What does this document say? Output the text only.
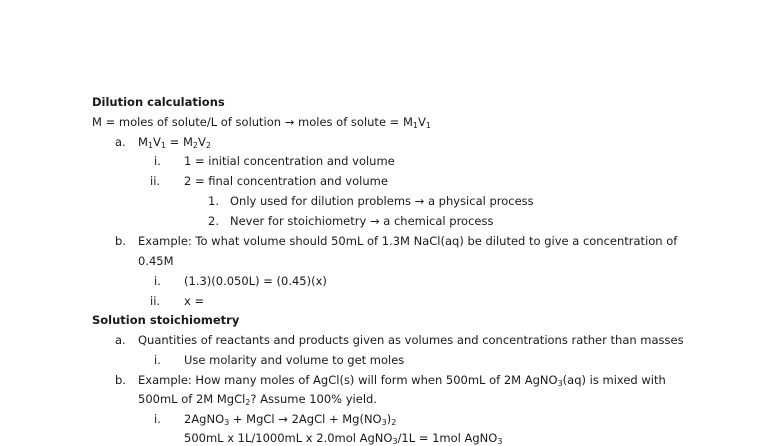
Dilution calculations
M = moles of solute/L of solution → moles of solute = $M_1V_1$
a. $M_1V_1 = M_2V_2$
i. 1 = initial concentration and volume
ii. 2 = final concentration and volume
1. Only used for dilution problems → a physical process
2. Never for stoichiometry → a chemical process
b. Example: To what volume should 50mL of 1.3M NaCl(aq) be diluted to give a concentration of
0.45M
i. (1.3)(0.050L) = (0.45)(x)
ii. x =
Solution stoichiometry
a. Quantities of reactants and products given as volumes and concentrations rather than masses
i. Use molarity and volume to get moles
b. Example: How many moles of AgCl(s) will form when 500mL of 2M AgNO$_3$(aq) is mixed with
500mL of 2M MgCl$_2$? Assume 100% yield.
i. 2AgNO$_3$ + MgCl → 2AgCl + $Mg(NO_3)_2$
500mL x 1L/1000mL x 2.0mol AgNO$_3$/1L = 1mol AgNO$_3$
